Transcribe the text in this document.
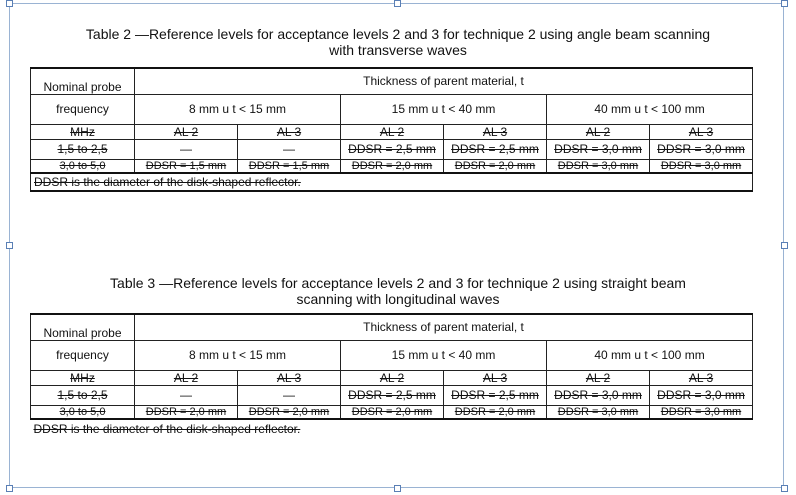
Table 2 —Reference levels for acceptance levels 2 and 3 for technique 2 using angle beam scanning
with transverse waves
Nominal probe	Thickness of parent material, t					

frequency	8 mm u t < 15 mm		15 mm u t < 40 mm		40 mm u t < 100 mm	
MHz	AL 2	AL 3	AL 2	AL 3	AL 2	AL 3
1,5 to 2,5	—	—	DDSR = 2,5 mm	DDSR = 2,5 mm	DDSR = 3,0 mm	DDSR = 3,0 mm
3,0 to 5,0	DDSR = 1,5 mm	DDSR = 1,5 mm	DDSR = 2,0 mm	DDSR = 2,0 mm	DDSR = 3,0 mm	DDSR = 3,0 mm
DDSR is the diameter of the disk-shaped reflector.						
Table 3 —Reference levels for acceptance levels 2 and 3 for technique 2 using straight beam
scanning with longitudinal waves
Nominal probe	Thickness of parent material, t					

frequency	8 mm u t < 15 mm		15 mm u t < 40 mm		40 mm u t < 100 mm	
MHz	AL 2	AL 3	AL 2	AL 3	AL 2	AL 3
1,5 to 2,5	—	—	DDSR = 2,5 mm	DDSR = 2,5 mm	DDSR = 3,0 mm	DDSR = 3,0 mm
3,0 to 5,0	DDSR = 2,0 mm	DDSR = 2,0 mm	DDSR = 2,0 mm	DDSR = 2,0 mm	DDSR = 3,0 mm	DDSR = 3,0 mm
DDSR is the diameter of the disk-shaped reflector.						
